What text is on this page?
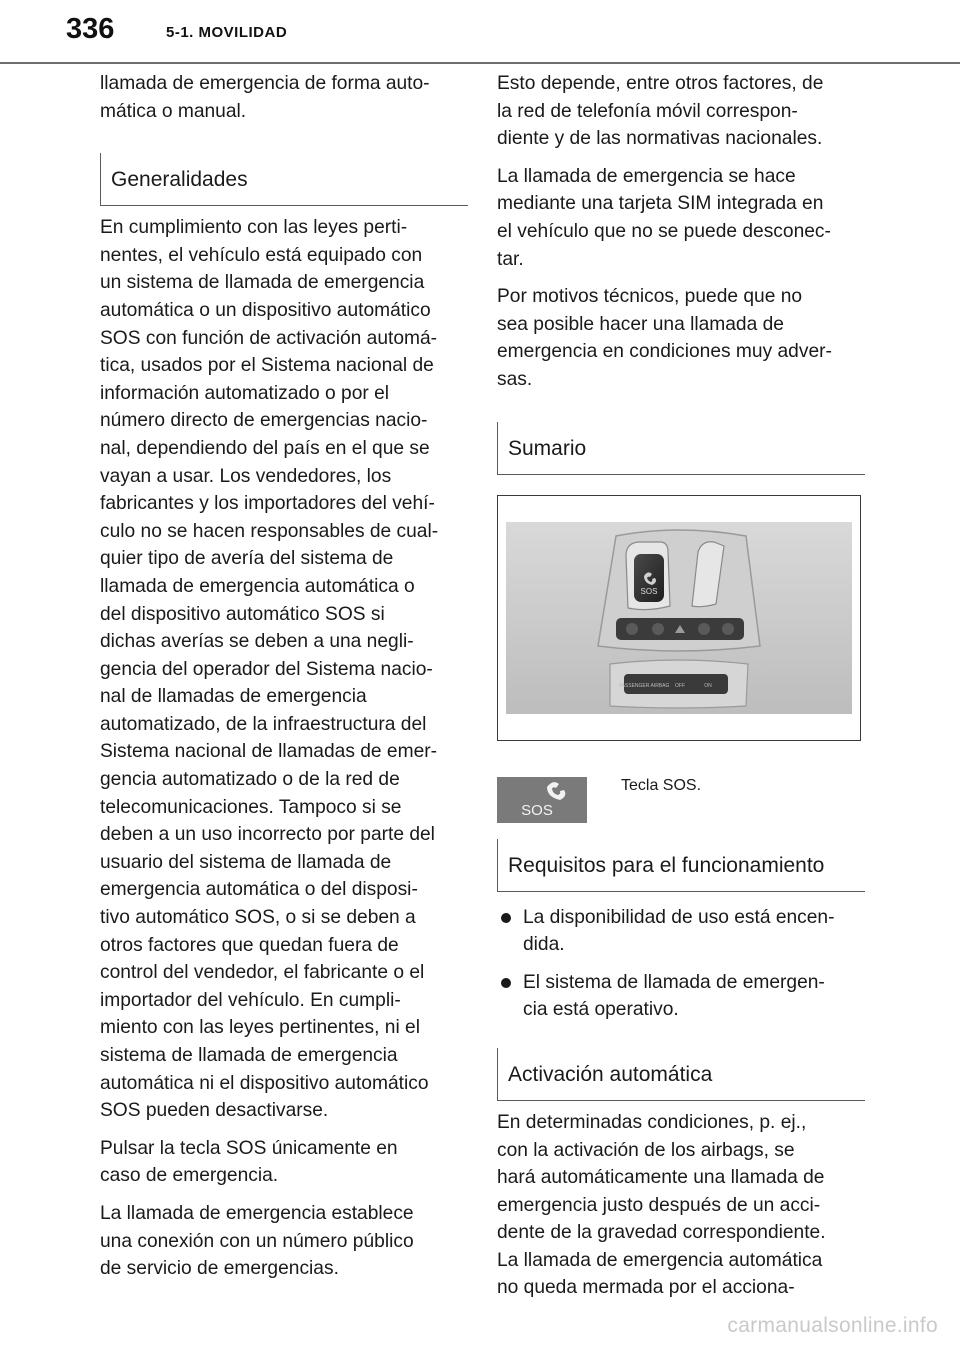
336	5-1. MOVILIDAD

llamada de emergencia de forma auto-
mática o manual.

Generalidades

En cumplimiento con las leyes perti-
nentes, el vehículo está equipado con
un sistema de llamada de emergencia
automática o un dispositivo automático
SOS con función de activación automá-
tica, usados por el Sistema nacional de
información automatizado o por el
número directo de emergencias nacio-
nal, dependiendo del país en el que se
vayan a usar. Los vendedores, los
fabricantes y los importadores del vehí-
culo no se hacen responsables de cual-
quier tipo de avería del sistema de
llamada de emergencia automática o
del dispositivo automático SOS si
dichas averías se deben a una negli-
gencia del operador del Sistema nacio-
nal de llamadas de emergencia
automatizado, de la infraestructura del
Sistema nacional de llamadas de emer-
gencia automatizado o de la red de
telecomunicaciones. Tampoco si se
deben a un uso incorrecto por parte del
usuario del sistema de llamada de
emergencia automática o del disposi-
tivo automático SOS, o si se deben a
otros factores que quedan fuera de
control del vendedor, el fabricante o el
importador del vehículo. En cumpli-
miento con las leyes pertinentes, ni el
sistema de llamada de emergencia
automática ni el dispositivo automático
SOS pueden desactivarse.

Pulsar la tecla SOS únicamente en
caso de emergencia.

La llamada de emergencia establece
una conexión con un número público
de servicio de emergencias.

Esto depende, entre otros factores, de
la red de telefonía móvil correspon-
diente y de las normativas nacionales.

La llamada de emergencia se hace
mediante una tarjeta SIM integrada en
el vehículo que no se puede desconec-
tar.

Por motivos técnicos, puede que no
sea posible hacer una llamada de
emergencia en condiciones muy adver-
sas.

Sumario
SOS
PASSENGER AIRBAG OFF	ON
SOS
Tecla SOS.
Requisitos para el funcionamiento
La disponibilidad de uso está encen-
dida.
El sistema de llamada de emergen-
cia está operativo.
Activación automática

En determinadas condiciones, p. ej.,
con la activación de los airbags, se
hará automáticamente una llamada de
emergencia justo después de un acci-
dente de la gravedad correspondiente.
La llamada de emergencia automática
no queda mermada por el acciona-

carmanualsonline.info
